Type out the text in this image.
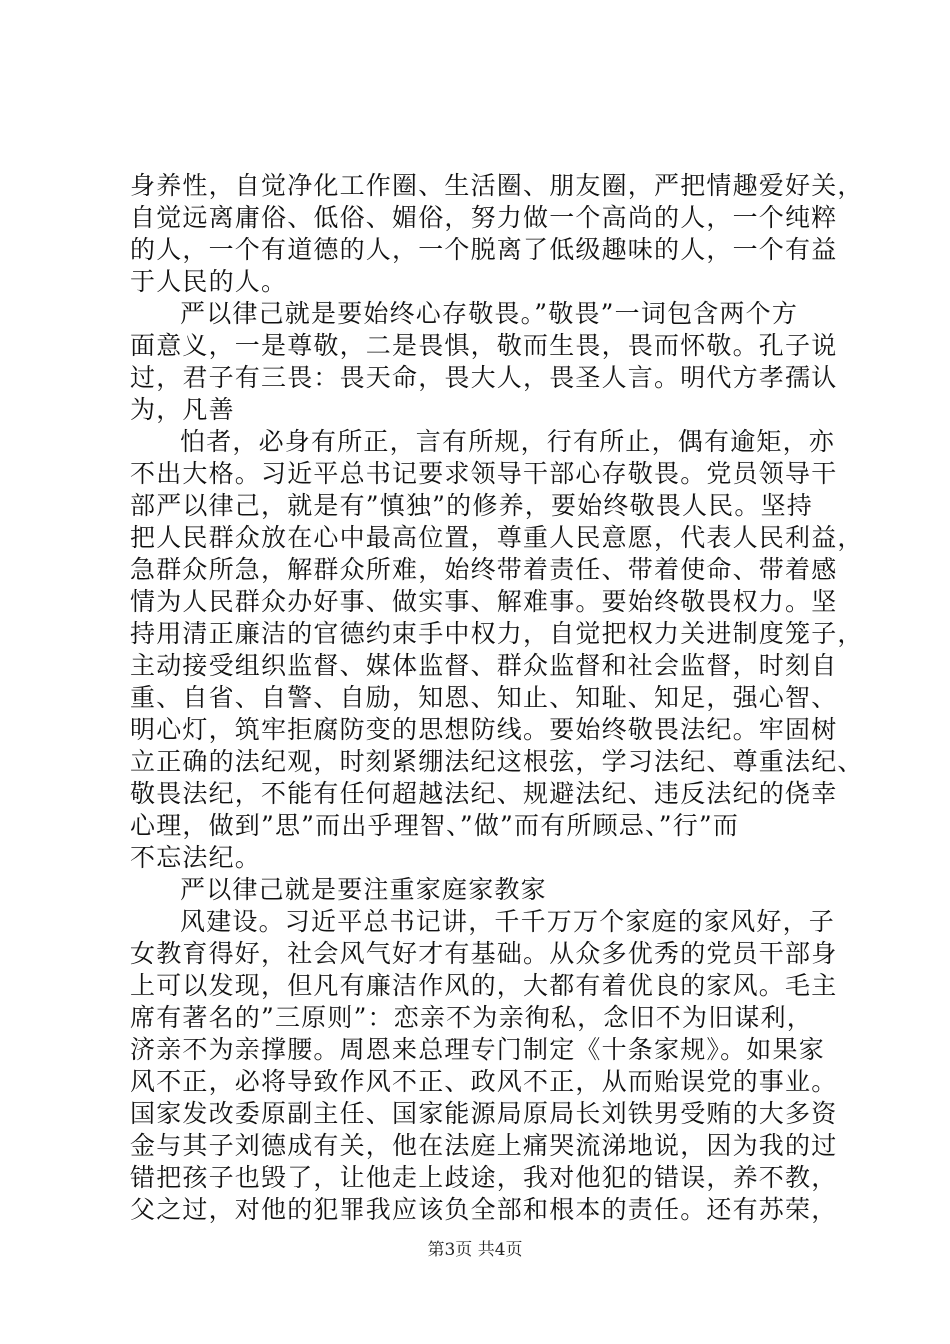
身养性，自觉净化工作圈、生活圈、朋友圈，严把情趣爱好关，
自觉远离庸俗、低俗、媚俗，努力做一个高尚的人，一个纯粹
的人，一个有道德的人，一个脱离了低级趣味的人，一个有益
于人民的人。
严以律己就是要始终心存敬畏。”敬畏”一词包含两个方
面意义，一是尊敬，二是畏惧，敬而生畏，畏而怀敬。孔子说
过，君子有三畏：畏天命，畏大人，畏圣人言。明代方孝孺认
为，凡善
怕者，必身有所正，言有所规，行有所止，偶有逾矩，亦
不出大格。习近平总书记要求领导干部心存敬畏。党员领导干
部严以律己，就是有”慎独”的修养，要始终敬畏人民。坚持
把人民群众放在心中最高位置，尊重人民意愿，代表人民利益，
急群众所急，解群众所难，始终带着责任、带着使命、带着感
情为人民群众办好事、做实事、解难事。要始终敬畏权力。坚
持用清正廉洁的官德约束手中权力，自觉把权力关进制度笼子，
主动接受组织监督、媒体监督、群众监督和社会监督，时刻自
重、自省、自警、自励，知恩、知止、知耻、知足，强心智、
明心灯，筑牢拒腐防变的思想防线。要始终敬畏法纪。牢固树
立正确的法纪观，时刻紧绷法纪这根弦，学习法纪、尊重法纪、
敬畏法纪，不能有任何超越法纪、规避法纪、违反法纪的侥幸
心理，做到”思”而出乎理智、”做”而有所顾忌、”行”而
不忘法纪。
严以律己就是要注重家庭家教家
风建设。习近平总书记讲，千千万万个家庭的家风好，子
女教育得好，社会风气好才有基础。从众多优秀的党员干部身
上可以发现，但凡有廉洁作风的，大都有着优良的家风。毛主
席有著名的”三原则”：恋亲不为亲徇私，念旧不为旧谋利，
济亲不为亲撑腰。周恩来总理专门制定《十条家规》。如果家
风不正，必将导致作风不正、政风不正，从而贻误党的事业。
国家发改委原副主任、国家能源局原局长刘铁男受贿的大多资
金与其子刘德成有关，他在法庭上痛哭流涕地说，因为我的过
错把孩子也毁了，让他走上歧途，我对他犯的错误，养不教，
父之过，对他的犯罪我应该负全部和根本的责任。还有苏荣，
第3页 共4页
